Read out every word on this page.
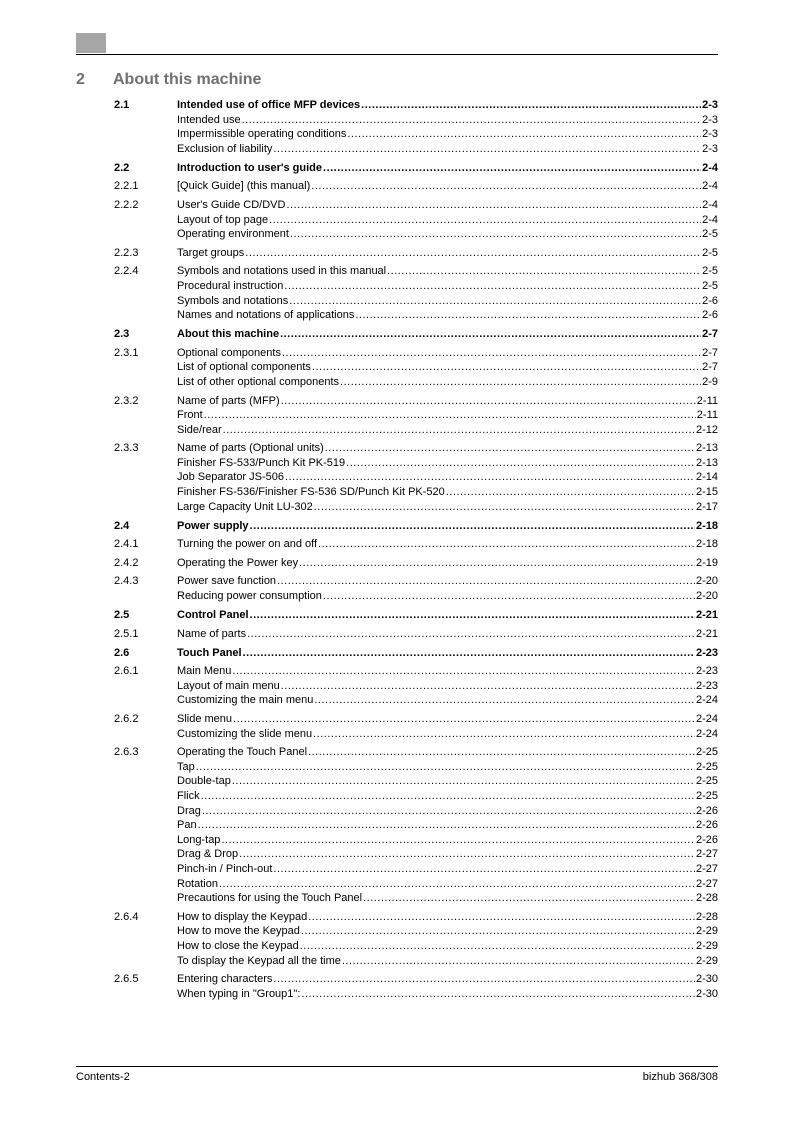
2 About this machine
2.1	Intended use of office MFP devices .....	2-3
Intended use .....	2-3
Impermissible operating conditions .....	2-3
Exclusion of liability .....	2-3
2.2	Introduction to user's guide .....	2-4
2.2.1	[Quick Guide] (this manual) .....	2-4
2.2.2	User's Guide CD/DVD .....	2-4
Layout of top page .....	2-4
Operating environment .....	2-5
2.2.3	Target groups .....	2-5
2.2.4	Symbols and notations used in this manual .....	2-5
Procedural instruction .....	2-5
Symbols and notations .....	2-6
Names and notations of applications .....	2-6
2.3	About this machine .....	2-7
2.3.1	Optional components .....	2-7
List of optional components .....	2-7
List of other optional components .....	2-9
2.3.2	Name of parts (MFP) .....	2-11
Front .....	2-11
Side/rear .....	2-12
2.3.3	Name of parts (Optional units) .....	2-13
Finisher FS-533/Punch Kit PK-519 .....	2-13
Job Separator JS-506 .....	2-14
Finisher FS-536/Finisher FS-536 SD/Punch Kit PK-520 .....	2-15
Large Capacity Unit LU-302 .....	2-17
2.4	Power supply .....	2-18
2.4.1	Turning the power on and off .....	2-18
2.4.2	Operating the Power key .....	2-19
2.4.3	Power save function .....	2-20
Reducing power consumption .....	2-20
2.5	Control Panel .....	2-21
2.5.1	Name of parts .....	2-21
2.6	Touch Panel .....	2-23
2.6.1	Main Menu .....	2-23
Layout of main menu .....	2-23
Customizing the main menu .....	2-24
2.6.2	Slide menu .....	2-24
Customizing the slide menu .....	2-24
2.6.3	Operating the Touch Panel .....	2-25
Tap .....	2-25
Double-tap .....	2-25
Flick .....	2-25
Drag .....	2-26
Pan .....	2-26
Long-tap .....	2-26
Drag & Drop .....	2-27
Pinch-in / Pinch-out .....	2-27
Rotation .....	2-27
Precautions for using the Touch Panel .....	2-28
2.6.4	How to display the Keypad .....	2-28
How to move the Keypad .....	2-29
How to close the Keypad .....	2-29
To display the Keypad all the time .....	2-29
2.6.5	Entering characters .....	2-30
When typing in "Group1": .....	2-30
Contents-2	bizhub 368/308
